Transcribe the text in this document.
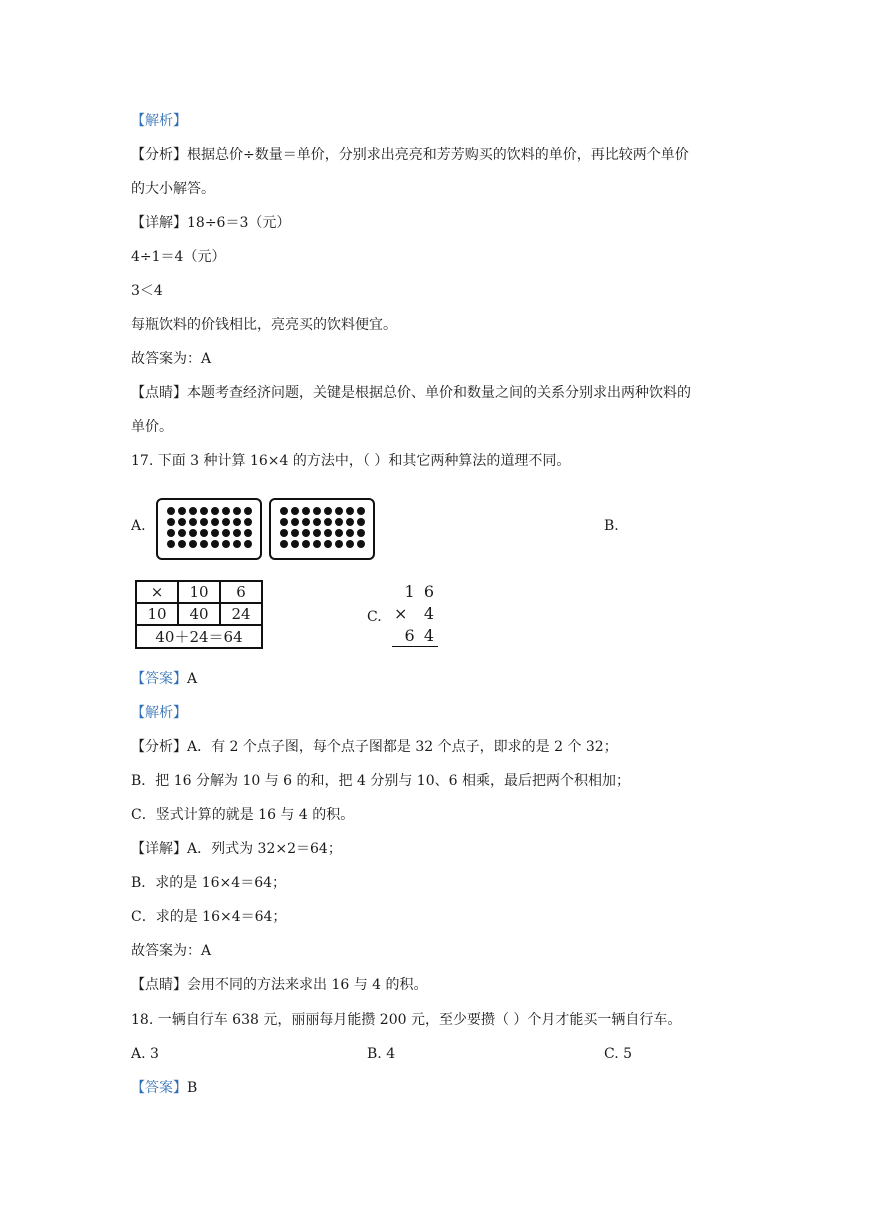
【解析】
【分析】根据总价÷数量＝单价，分别求出亮亮和芳芳购买的饮料的单价，再比较两个单价
的大小解答。
【详解】18÷6＝3（元）
4÷1＝4（元）
3＜4
每瓶饮料的价钱相比，亮亮买的饮料便宜。
故答案为：A
【点睛】本题考查经济问题，关键是根据总价、单价和数量之间的关系分别求出两种饮料的
单价。
17. 下面 3 种计算 16×4 的方法中，（ ）和其它两种算法的道理不同。
A.	B.
×	10	6
10	40	24
40＋24＝64		
C.
1 6
× 4
6 4
【答案】A
【解析】
【分析】A．有 2 个点子图，每个点子图都是 32 个点子，即求的是 2 个 32；
B．把 16 分解为 10 与 6 的和，把 4 分别与 10、6 相乘，最后把两个积相加；
C．竖式计算的就是 16 与 4 的积。
【详解】A．列式为 32×2＝64；
B．求的是 16×4＝64；
C．求的是 16×4＝64；
故答案为：A
【点睛】会用不同的方法来求出 16 与 4 的积。
18. 一辆自行车 638 元，丽丽每月能攒 200 元，至少要攒（ ）个月才能买一辆自行车。
A. 3	B. 4	C. 5
【答案】B
